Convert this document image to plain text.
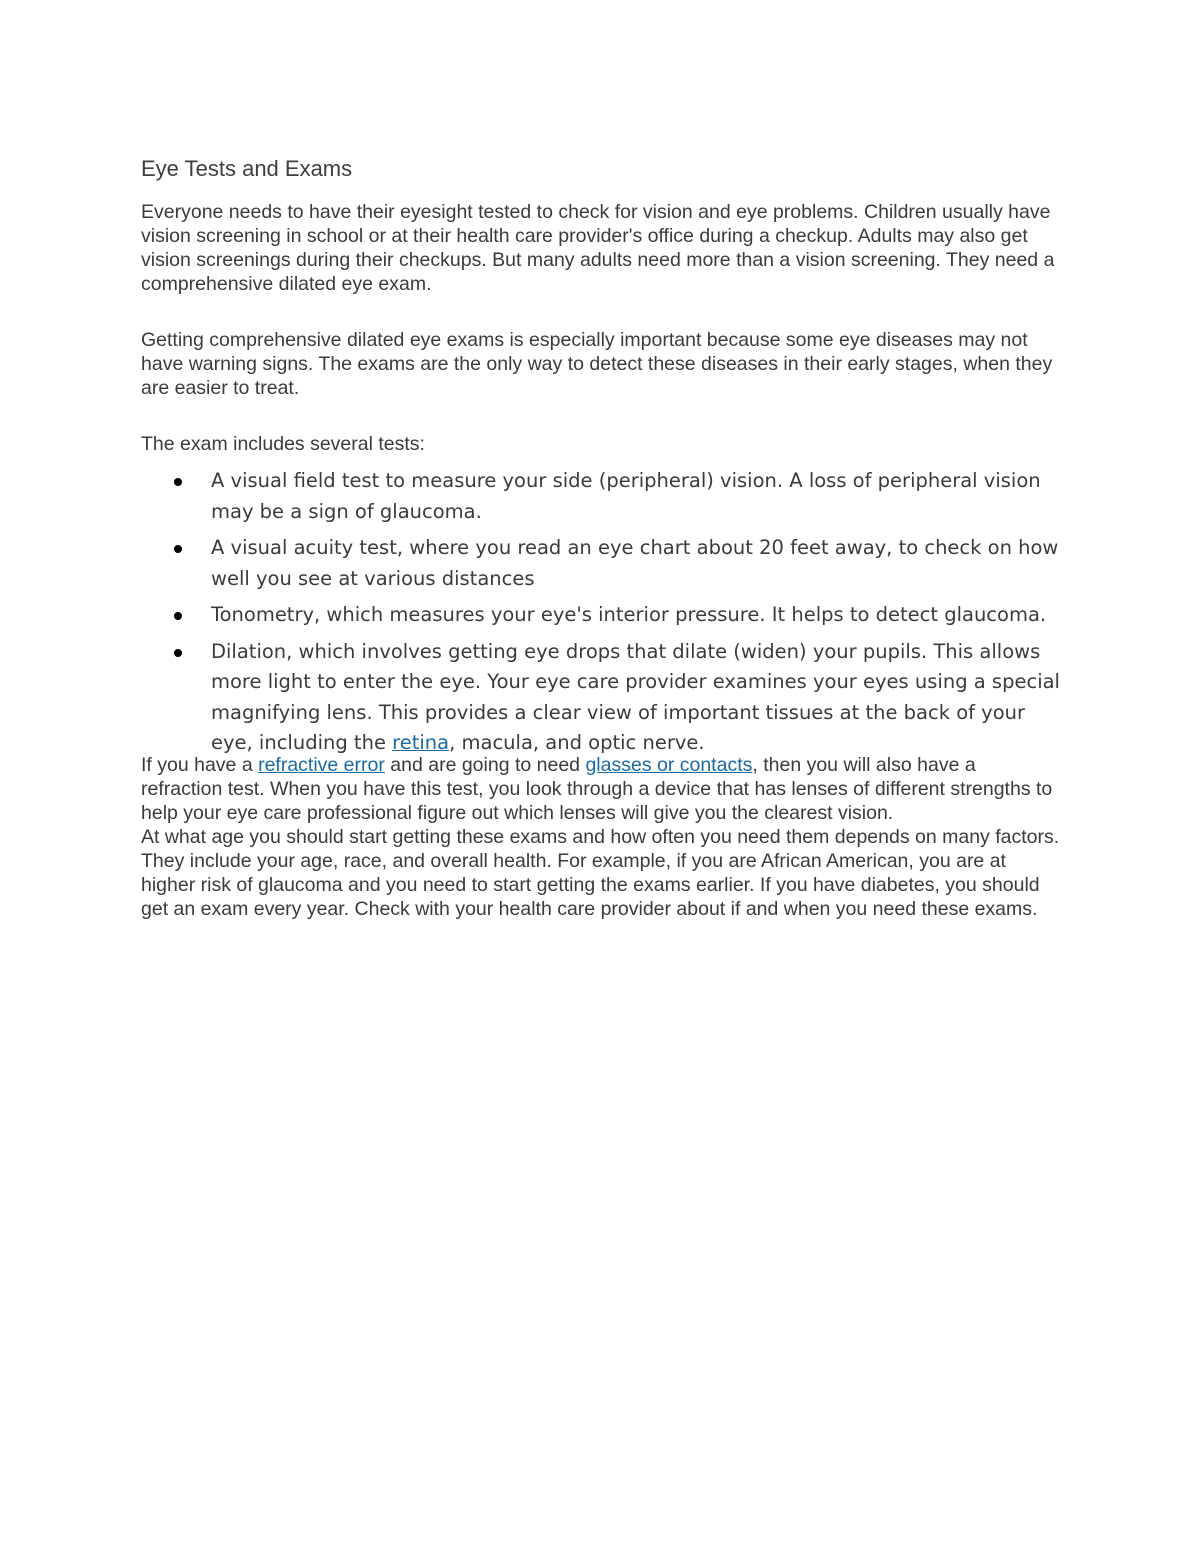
Eye Tests and Exams

Everyone needs to have their eyesight tested to check for vision and eye problems. Children usually have vision screening in school or at their health care provider's office during a checkup. Adults may also get vision screenings during their checkups. But many adults need more than a vision screening. They need a comprehensive dilated eye exam.

Getting comprehensive dilated eye exams is especially important because some eye diseases may not have warning signs. The exams are the only way to detect these diseases in their early stages, when they are easier to treat.

The exam includes several tests:

A visual field test to measure your side (peripheral) vision. A loss of peripheral vision may be a sign of glaucoma.
A visual acuity test, where you read an eye chart about 20 feet away, to check on how well you see at various distances
Tonometry, which measures your eye's interior pressure. It helps to detect glaucoma.
Dilation, which involves getting eye drops that dilate (widen) your pupils. This allows more light to enter the eye. Your eye care provider examines your eyes using a special magnifying lens. This provides a clear view of important tissues at the back of your eye, including the retina, macula, and optic nerve.

If you have a refractive error and are going to need glasses or contacts, then you will also have a refraction test. When you have this test, you look through a device that has lenses of different strengths to help your eye care professional figure out which lenses will give you the clearest vision.

At what age you should start getting these exams and how often you need them depends on many factors. They include your age, race, and overall health. For example, if you are African American, you are at higher risk of glaucoma and you need to start getting the exams earlier. If you have diabetes, you should get an exam every year. Check with your health care provider about if and when you need these exams.
